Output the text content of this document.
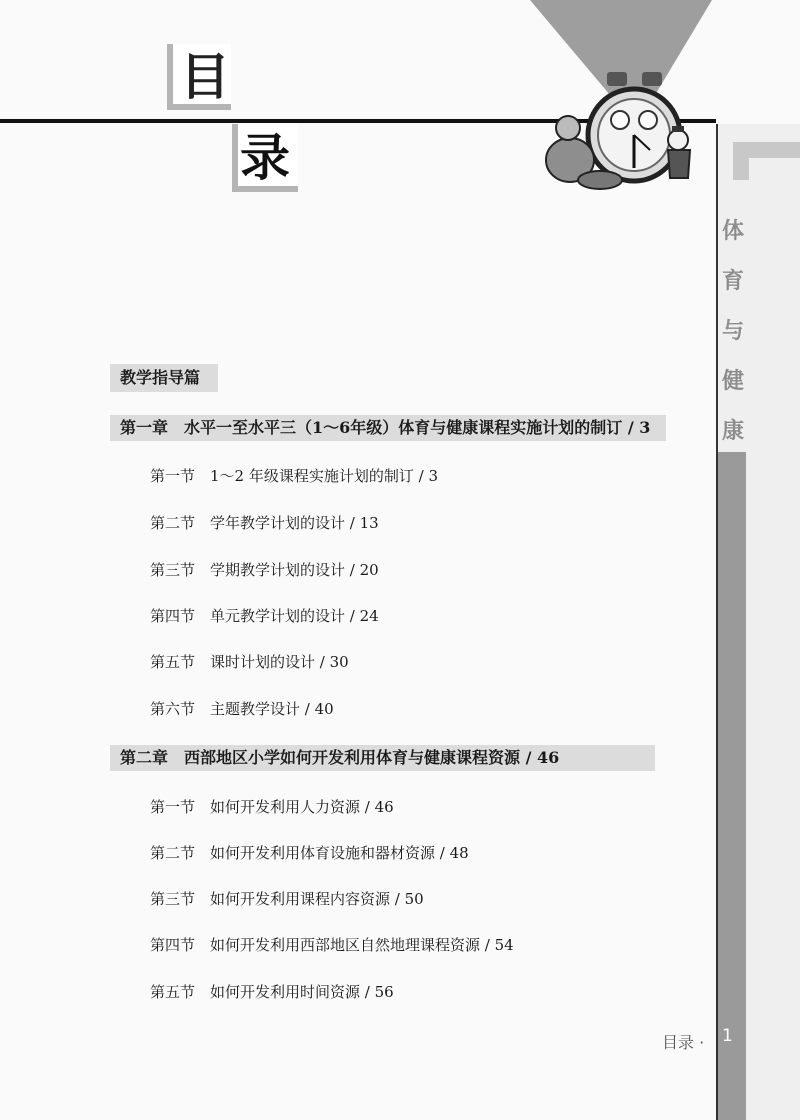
目
录
体
育
与
健
康
教学指导篇
第一章　水平一至水平三（1～6年级）体育与健康课程实施计划的制订 / 3
第一节　1～2 年级课程实施计划的制订 / 3
第二节　学年教学计划的设计 / 13
第三节　学期教学计划的设计 / 20
第四节　单元教学计划的设计 / 24
第五节　课时计划的设计 / 30
第六节　主题教学设计 / 40
第二章　西部地区小学如何开发利用体育与健康课程资源 / 46
第一节　如何开发利用人力资源 / 46
第二节　如何开发利用体育设施和器材资源 / 48
第三节　如何开发利用课程内容资源 / 50
第四节　如何开发利用西部地区自然地理课程资源 / 54
第五节　如何开发利用时间资源 / 56
目录 · 1
